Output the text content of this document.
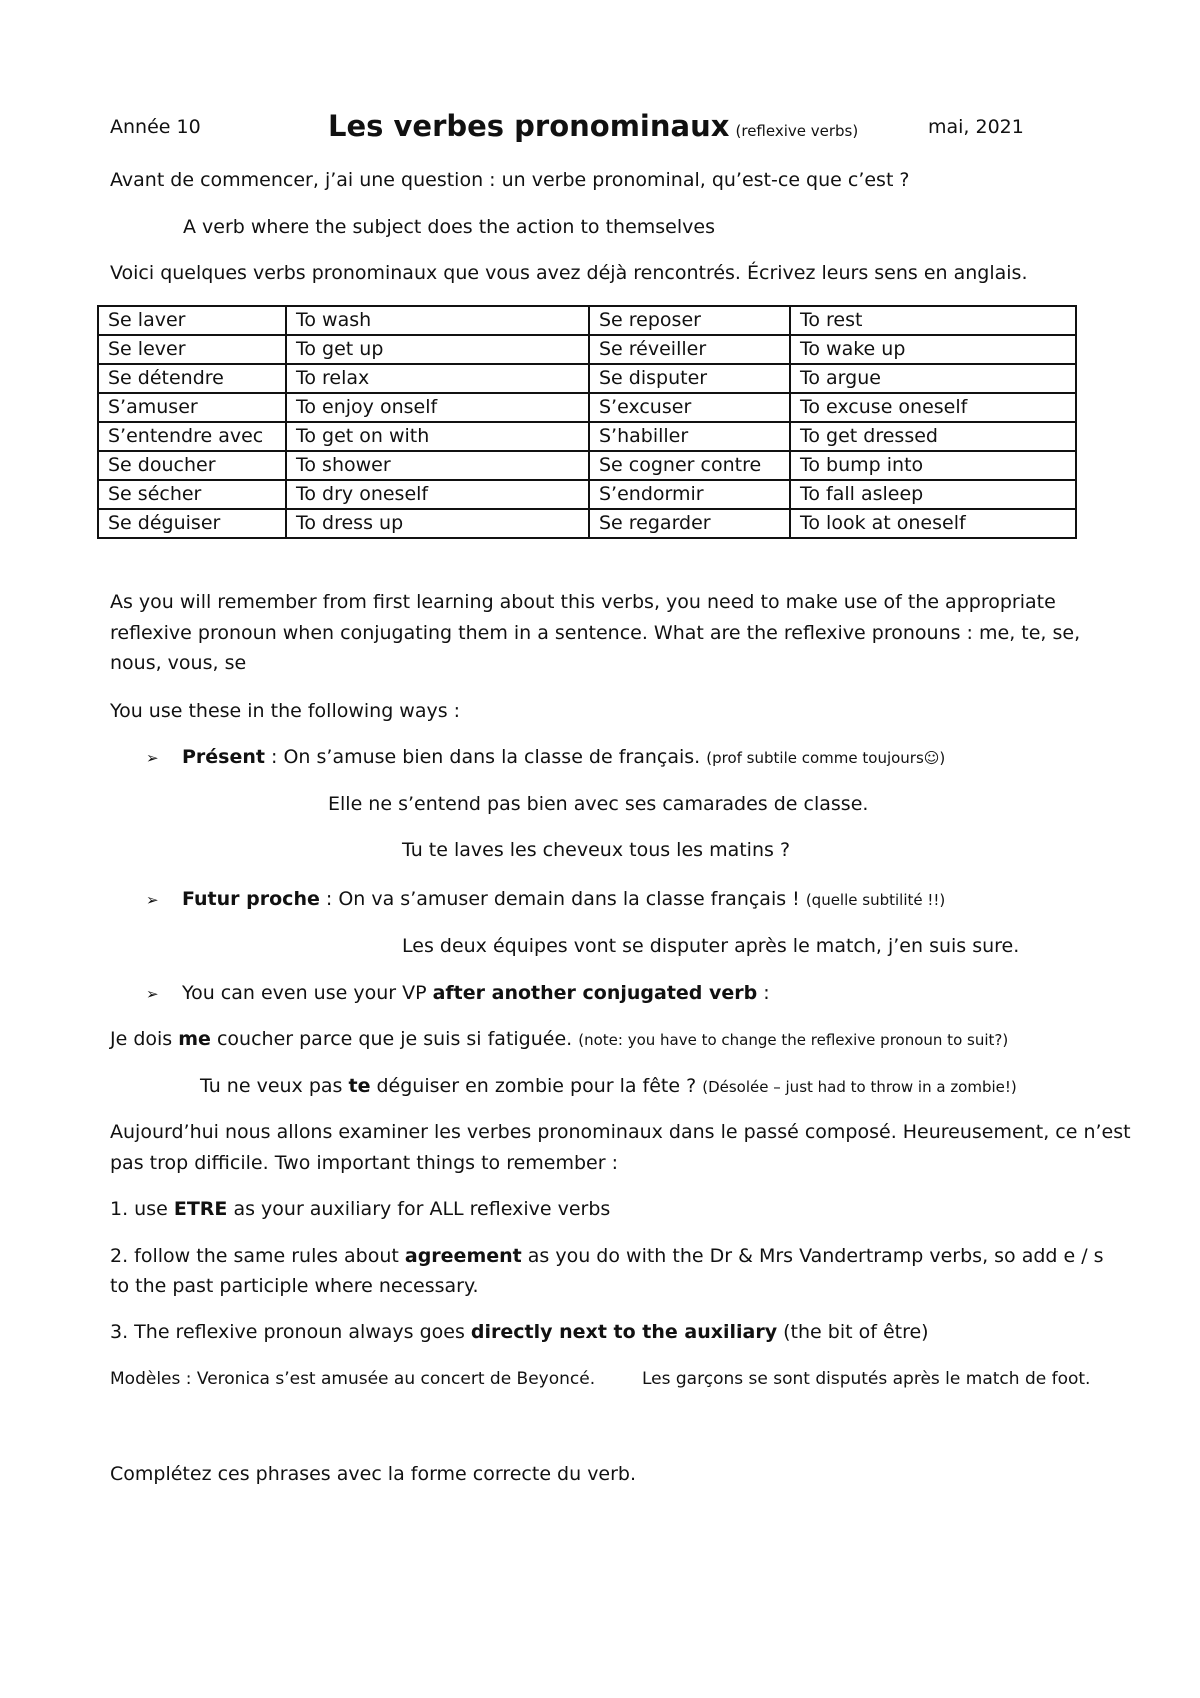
Année 10	Les verbes pronominaux (reflexive verbs)	mai, 2021
Avant de commencer, j’ai une question : un verbe pronominal, qu’est-ce que c’est ?
A verb where the subject does the action to themselves
Voici quelques verbs pronominaux que vous avez déjà rencontrés. Écrivez leurs sens en anglais.
Se laver	To wash	Se reposer	To rest
Se lever	To get up	Se réveiller	To wake up
Se détendre	To relax	Se disputer	To argue
S’amuser	To enjoy onself	S’excuser	To excuse oneself
S’entendre avec	To get on with	S’habiller	To get dressed
Se doucher	To shower	Se cogner contre	To bump into
Se sécher	To dry oneself	S’endormir	To fall asleep
Se déguiser	To dress up	Se regarder	To look at oneself
As you will remember from first learning about this verbs, you need to make use of the appropriate
reflexive pronoun when conjugating them in a sentence. What are the reflexive pronouns : me, te, se,
nous, vous, se
You use these in the following ways :
➢ Présent : On s’amuse bien dans la classe de français. (prof subtile comme toujours☺)
Elle ne s’entend pas bien avec ses camarades de classe.
Tu te laves les cheveux tous les matins ?
➢ Futur proche : On va s’amuser demain dans la classe français ! (quelle subtilité !!)
Les deux équipes vont se disputer après le match, j’en suis sure.
➢ You can even use your VP after another conjugated verb :
Je dois me coucher parce que je suis si fatiguée. (note: you have to change the reflexive pronoun to suit?)
Tu ne veux pas te déguiser en zombie pour la fête ? (Désolée – just had to throw in a zombie!)
Aujourd’hui nous allons examiner les verbes pronominaux dans le passé composé. Heureusement, ce n’est
pas trop difficile. Two important things to remember :
1. use ETRE as your auxiliary for ALL reflexive verbs
2. follow the same rules about agreement as you do with the Dr & Mrs Vandertramp verbs, so add e / s
to the past participle where necessary.
3. The reflexive pronoun always goes directly next to the auxiliary (the bit of être)
Modèles : Veronica s’est amusée au concert de Beyoncé.	Les garçons se sont disputés après le match de foot.
Complétez ces phrases avec la forme correcte du verb.
